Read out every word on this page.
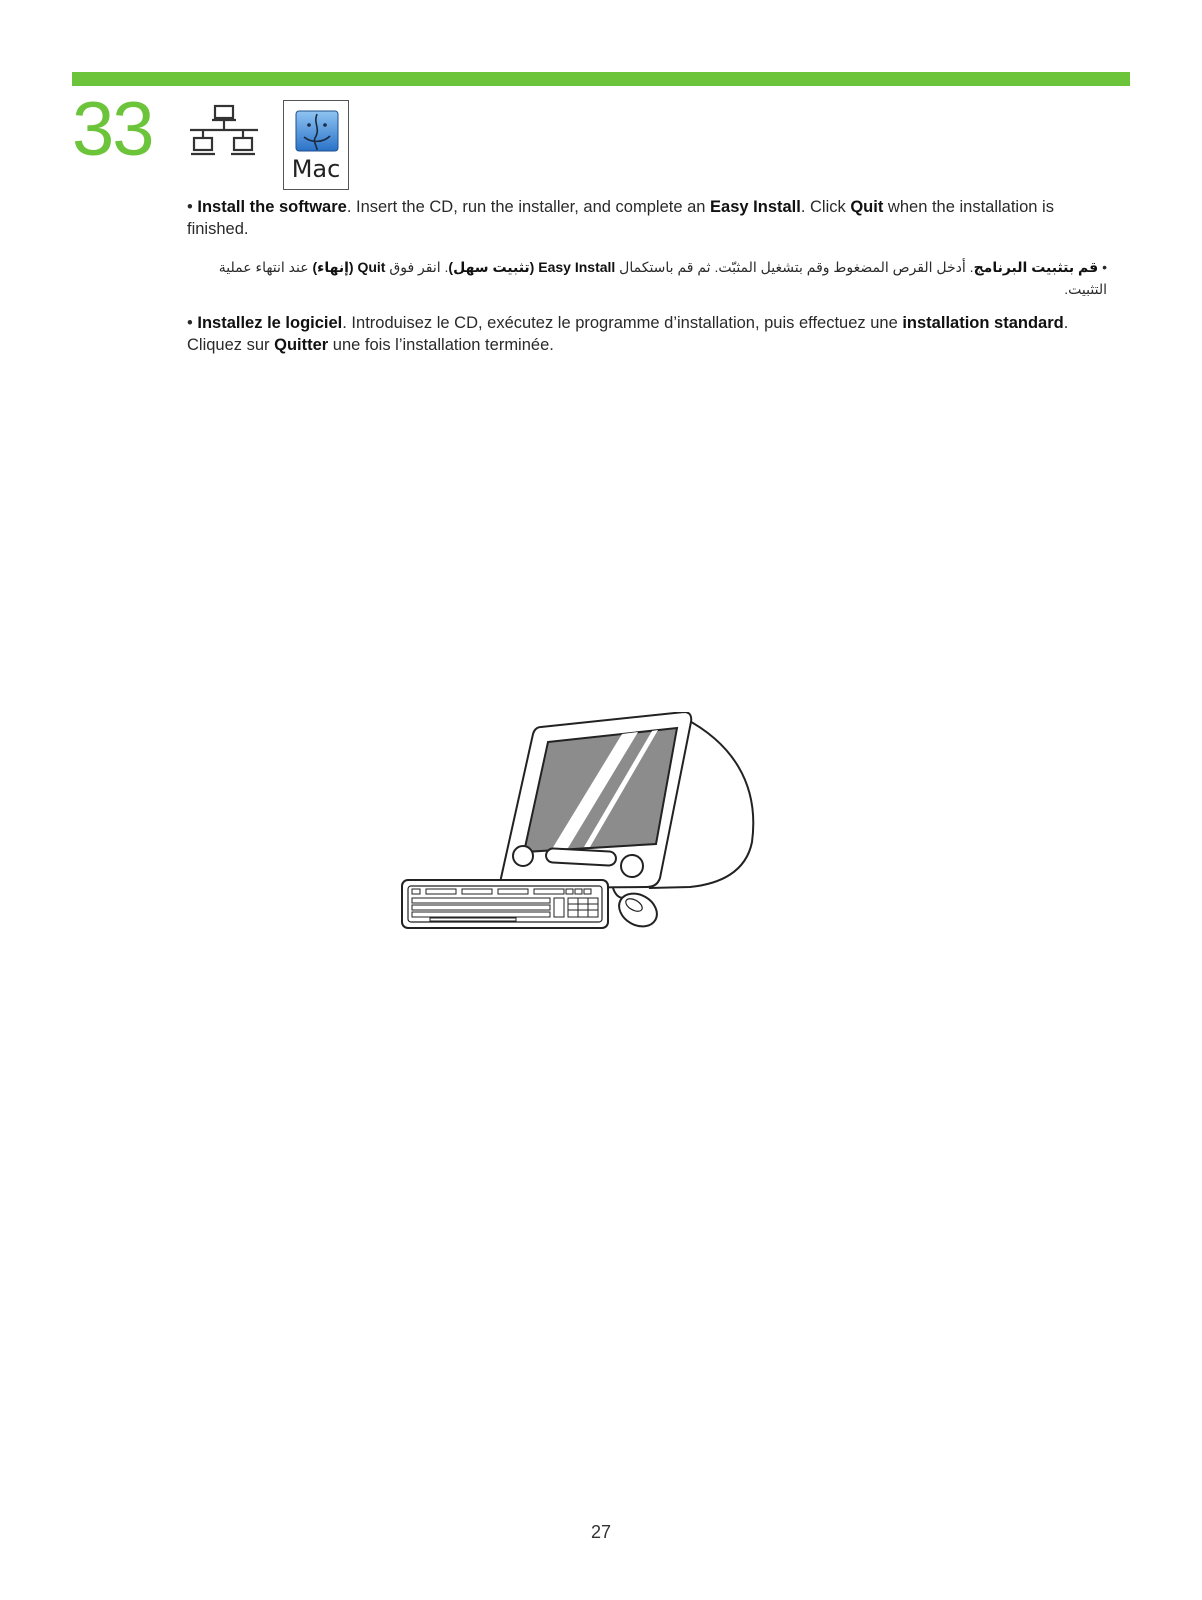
33	Mac
• Install the software. Insert the CD, run the installer, and complete an Easy Install. Click Quit when the installation is finished.
• قم بتثبيت البرنامج. أدخل القرص المضغوط وقم بتشغيل المثبّت. ثم قم باستكمال Easy Install (تثبيت سهل). انقر فوق Quit (إنهاء) عند انتهاء عملية التثبيت.
• Installez le logiciel. Introduisez le CD, exécutez le programme d’installation, puis effectuez une installation standard. Cliquez sur Quitter une fois l’installation terminée.
27
